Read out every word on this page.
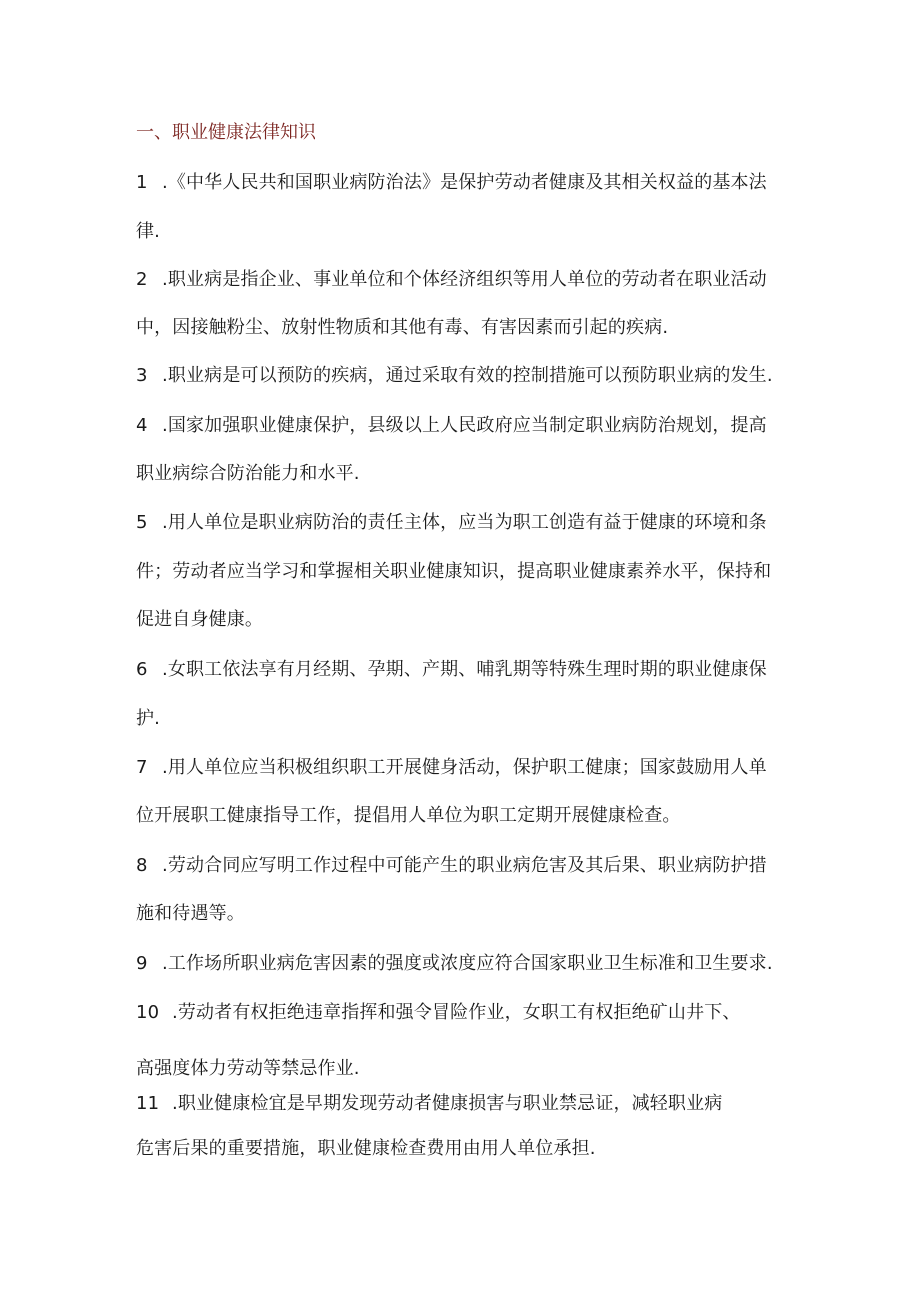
一、职业健康法律知识
1 .《中华人民共和国职业病防治法》是保护劳动者健康及其相关权益的基本法
律.
2 .职业病是指企业、事业单位和个体经济组织等用人单位的劳动者在职业活动
中，因接触粉尘、放射性物质和其他有毒、有害因素而引起的疾病.
3 .职业病是可以预防的疾病，通过采取有效的控制措施可以预防职业病的发生.
4 .国家加强职业健康保护，县级以上人民政府应当制定职业病防治规划，提高
职业病综合防治能力和水平.
5 .用人单位是职业病防治的责任主体，应当为职工创造有益于健康的环境和条
件；劳动者应当学习和掌握相关职业健康知识，提高职业健康素养水平，保持和
促进自身健康。
6 .女职工依法享有月经期、孕期、产期、哺乳期等特殊生理时期的职业健康保
护.
7 .用人单位应当积极组织职工开展健身活动，保护职工健康；国家鼓励用人单
位开展职工健康指导工作，提倡用人单位为职工定期开展健康检查。
8 .劳动合同应写明工作过程中可能产生的职业病危害及其后果、职业病防护措
施和待遇等。
9 .工作场所职业病危害因素的强度或浓度应符合国家职业卫生标准和卫生要求.
10 .劳动者有权拒绝违章指挥和强令冒险作业，女职工有权拒绝矿山井下、
高强度体力劳动等禁忌作业.
11 .职业健康检宜是早期发现劳动者健康损害与职业禁忌证，减轻职业病
危害后果的重要措施，职业健康检查费用由用人单位承担.
